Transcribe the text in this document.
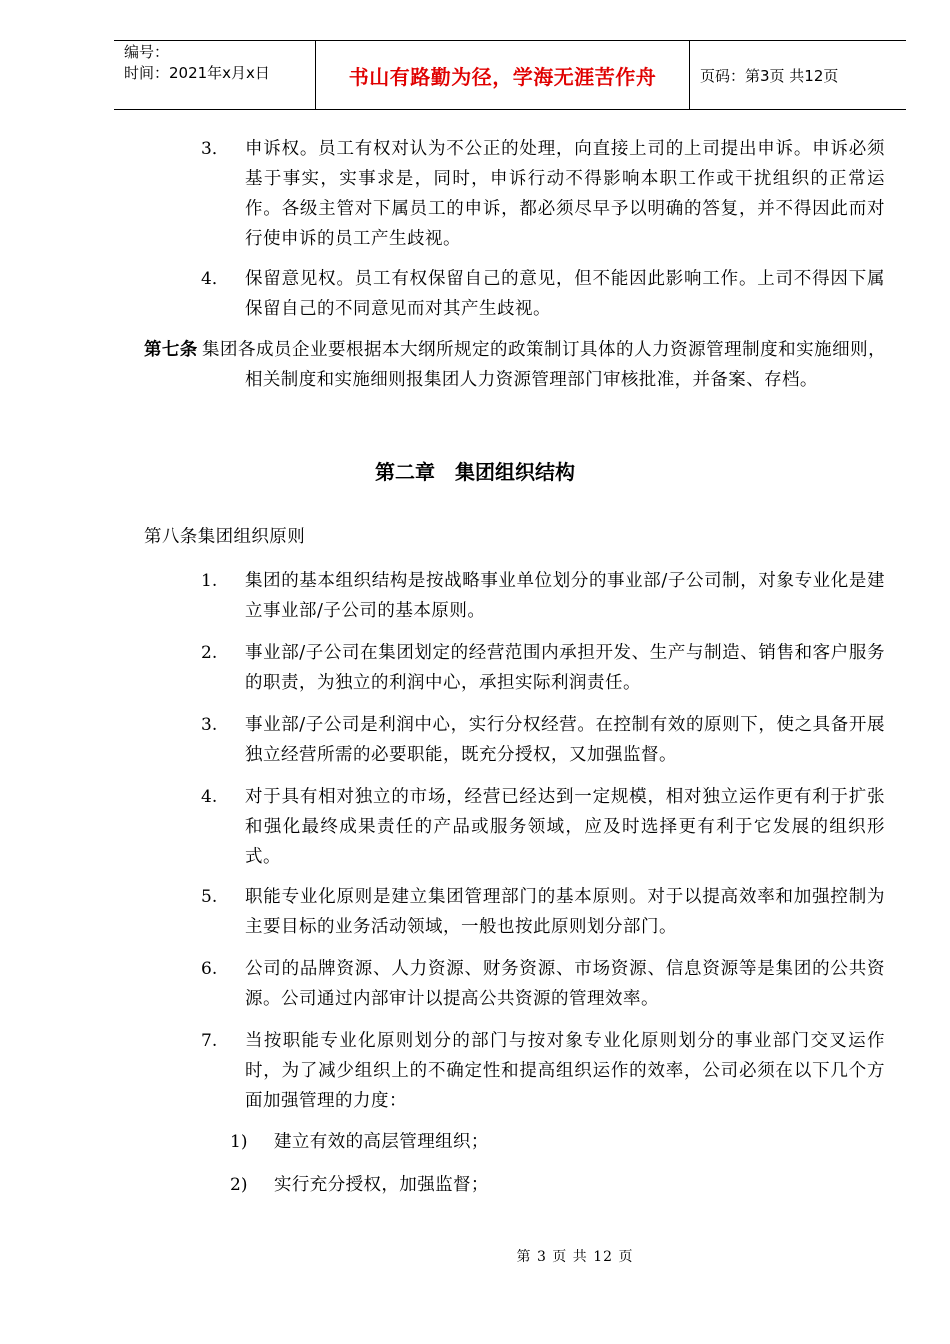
编号：
时间：2021年x月x日	书山有路勤为径，学海无涯苦作舟	页码：第3页 共12页
3． 申诉权。员工有权对认为不公正的处理，向直接上司的上司提出申诉。申诉必须基于事实，实事求是，同时，申诉行动不得影响本职工作或干扰组织的正常运作。各级主管对下属员工的申诉，都必须尽早予以明确的答复，并不得因此而对行使申诉的员工产生歧视。
4． 保留意见权。员工有权保留自己的意见，但不能因此影响工作。上司不得因下属保留自己的不同意见而对其产生歧视。
第七条 集团各成员企业要根据本大纲所规定的政策制订具体的人力资源管理制度和实施细则，相关制度和实施细则报集团人力资源管理部门审核批准，并备案、存档。
第二章　集团组织结构
第八条集团组织原则
1. 集团的基本组织结构是按战略事业单位划分的事业部/子公司制，对象专业化是建立事业部/子公司的基本原则。
2. 事业部/子公司在集团划定的经营范围内承担开发、生产与制造、销售和客户服务的职责，为独立的利润中心，承担实际利润责任。
3. 事业部/子公司是利润中心，实行分权经营。在控制有效的原则下，使之具备开展独立经营所需的必要职能，既充分授权，又加强监督。
4. 对于具有相对独立的市场，经营已经达到一定规模，相对独立运作更有利于扩张和强化最终成果责任的产品或服务领域，应及时选择更有利于它发展的组织形式。
5. 职能专业化原则是建立集团管理部门的基本原则。对于以提高效率和加强控制为主要目标的业务活动领域，一般也按此原则划分部门。
6. 公司的品牌资源、人力资源、财务资源、市场资源、信息资源等是集团的公共资源。公司通过内部审计以提高公共资源的管理效率。
7. 当按职能专业化原则划分的部门与按对象专业化原则划分的事业部门交叉运作时，为了减少组织上的不确定性和提高组织运作的效率，公司必须在以下几个方面加强管理的力度：
1) 建立有效的高层管理组织；
2) 实行充分授权，加强监督；
第 3 页 共 12 页
